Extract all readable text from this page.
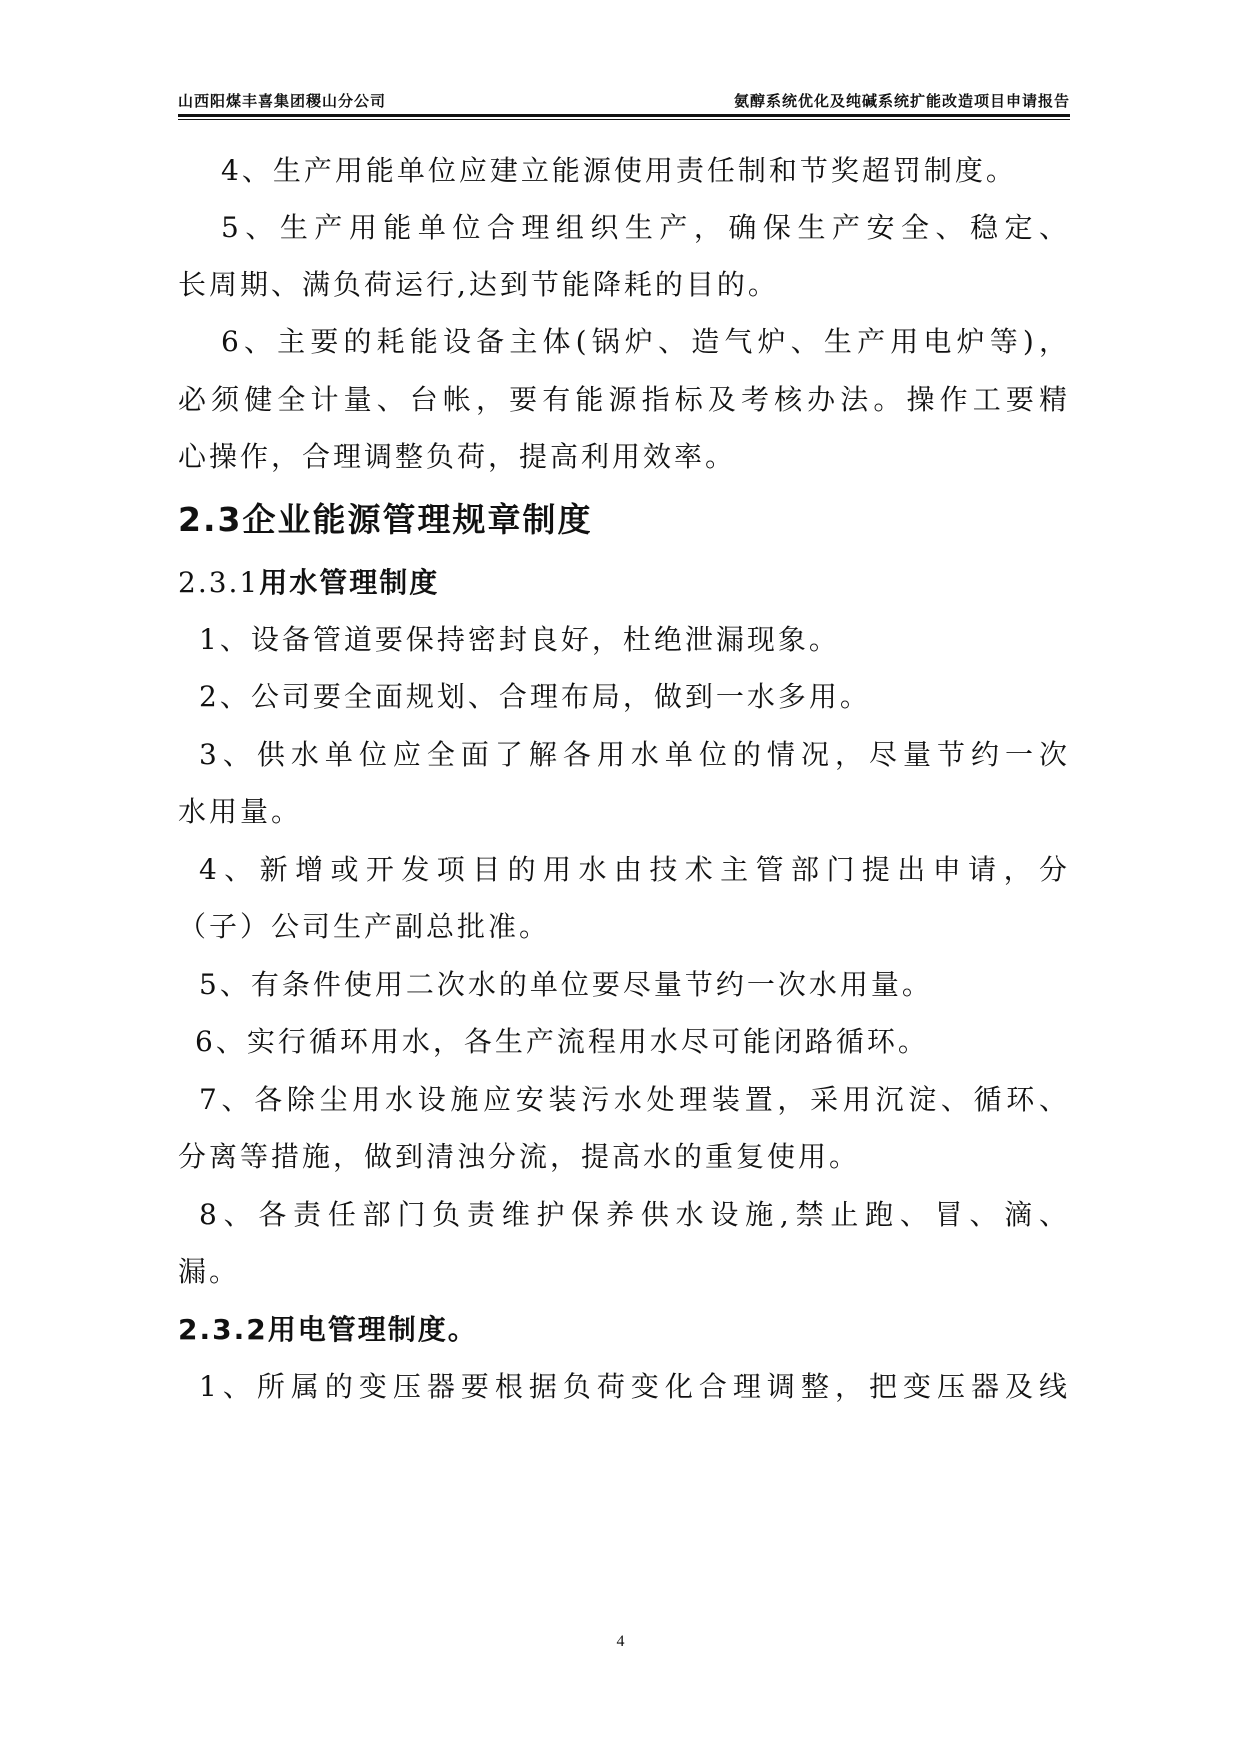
山西阳煤丰喜集团稷山分公司	氨醇系统优化及纯碱系统扩能改造项目申请报告
4、生产用能单位应建立能源使用责任制和节奖超罚制度。
5、生产用能单位合理组织生产，确保生产安全、稳定、
长周期、满负荷运行,达到节能降耗的目的。
6、主要的耗能设备主体(锅炉、造气炉、生产用电炉等)，
必须健全计量、台帐，要有能源指标及考核办法。操作工要精
心操作，合理调整负荷，提高利用效率。
2.3企业能源管理规章制度
2.3.1用水管理制度
1、设备管道要保持密封良好，杜绝泄漏现象。
2、公司要全面规划、合理布局，做到一水多用。
3、供水单位应全面了解各用水单位的情况，尽量节约一次
水用量。
4、新增或开发项目的用水由技术主管部门提出申请，分
（子）公司生产副总批准。
5、有条件使用二次水的单位要尽量节约一次水用量。
6、实行循环用水，各生产流程用水尽可能闭路循环。
7、各除尘用水设施应安装污水处理装置，采用沉淀、循环、
分离等措施，做到清浊分流，提高水的重复使用。
8、各责任部门负责维护保养供水设施,禁止跑、冒、滴、
漏。
2.3.2用电管理制度。
1、所属的变压器要根据负荷变化合理调整，把变压器及线
4
